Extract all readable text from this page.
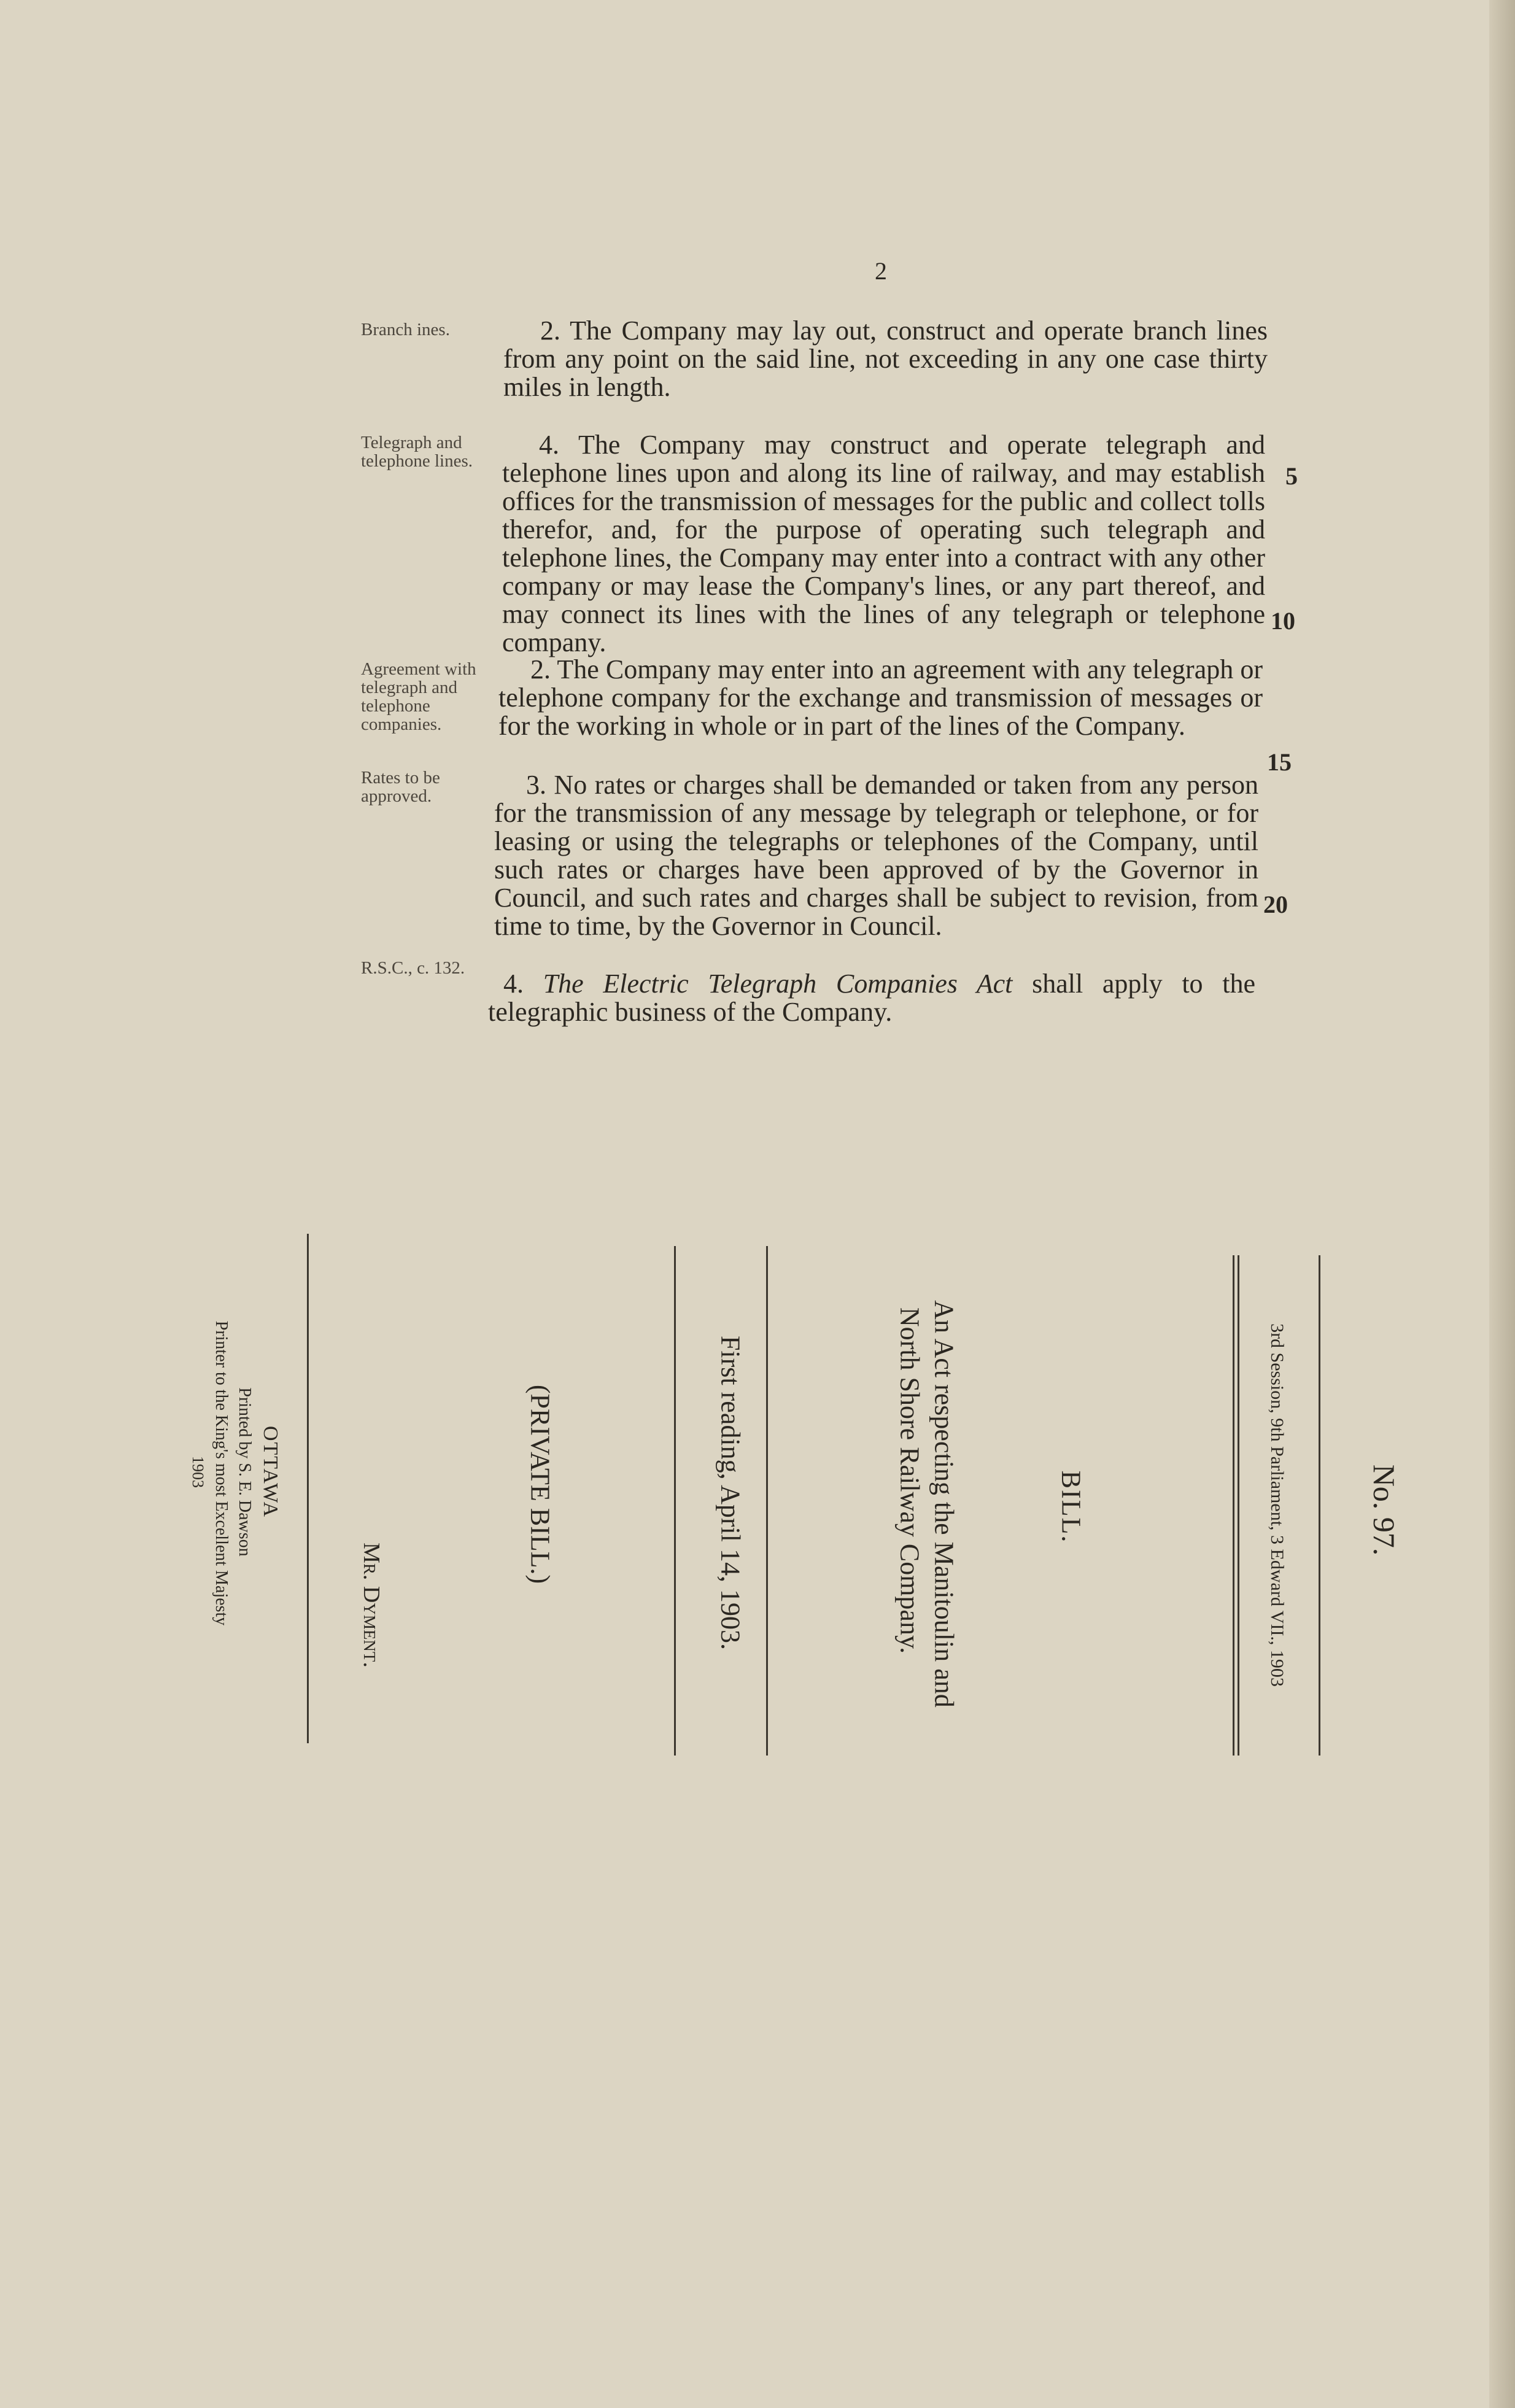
2

Branch ines.	2. The Company may lay out, construct and operate branch lines from any point on the said line, not exceeding in any one case thirty miles in length.

Telegraph and telephone lines.

4. The Company may construct and operate telegraph and telephone lines upon and along its line of railway, and may establish offices for the transmission of messages for the public and collect tolls therefor, and, for the purpose of operating such telegraph and telephone lines, the Company may enter into a contract with any other company or may lease the Company's lines, or any part thereof, and may connect its lines with the lines of any telegraph or telephone company.

Agreement with telegraph and telephone companies.

2. The Company may enter into an agreement with any telegraph or telephone company for the exchange and transmission of messages or for the working in whole or in part of the lines of the Company.

Rates to be approved.	3. No rates or charges shall be demanded or taken from any person for the transmission of any message by telegraph or telephone, or for leasing or using the telegraphs or telephones of the Company, until such rates or charges have been approved of by the Governor in Council, and such rates and charges shall be subject to revision, from time to time, by the Governor in Council.

R.S.C., c. 132.

4. The Electric Telegraph Companies Act shall apply to the telegraphic business of the Company.

5
10
15
20
No. 97.
3rd Session, 9th Parliament, 3 Edward VII., 1903
BILL.
An Act respecting the Manitoulin and
North Shore Railway Company.
First reading, April 14, 1903.
(PRIVATE BILL.)
Mr. Dyment.
OTTAWA
Printed by S. E. Dawson
Printer to the King's most Excellent Majesty
1903
